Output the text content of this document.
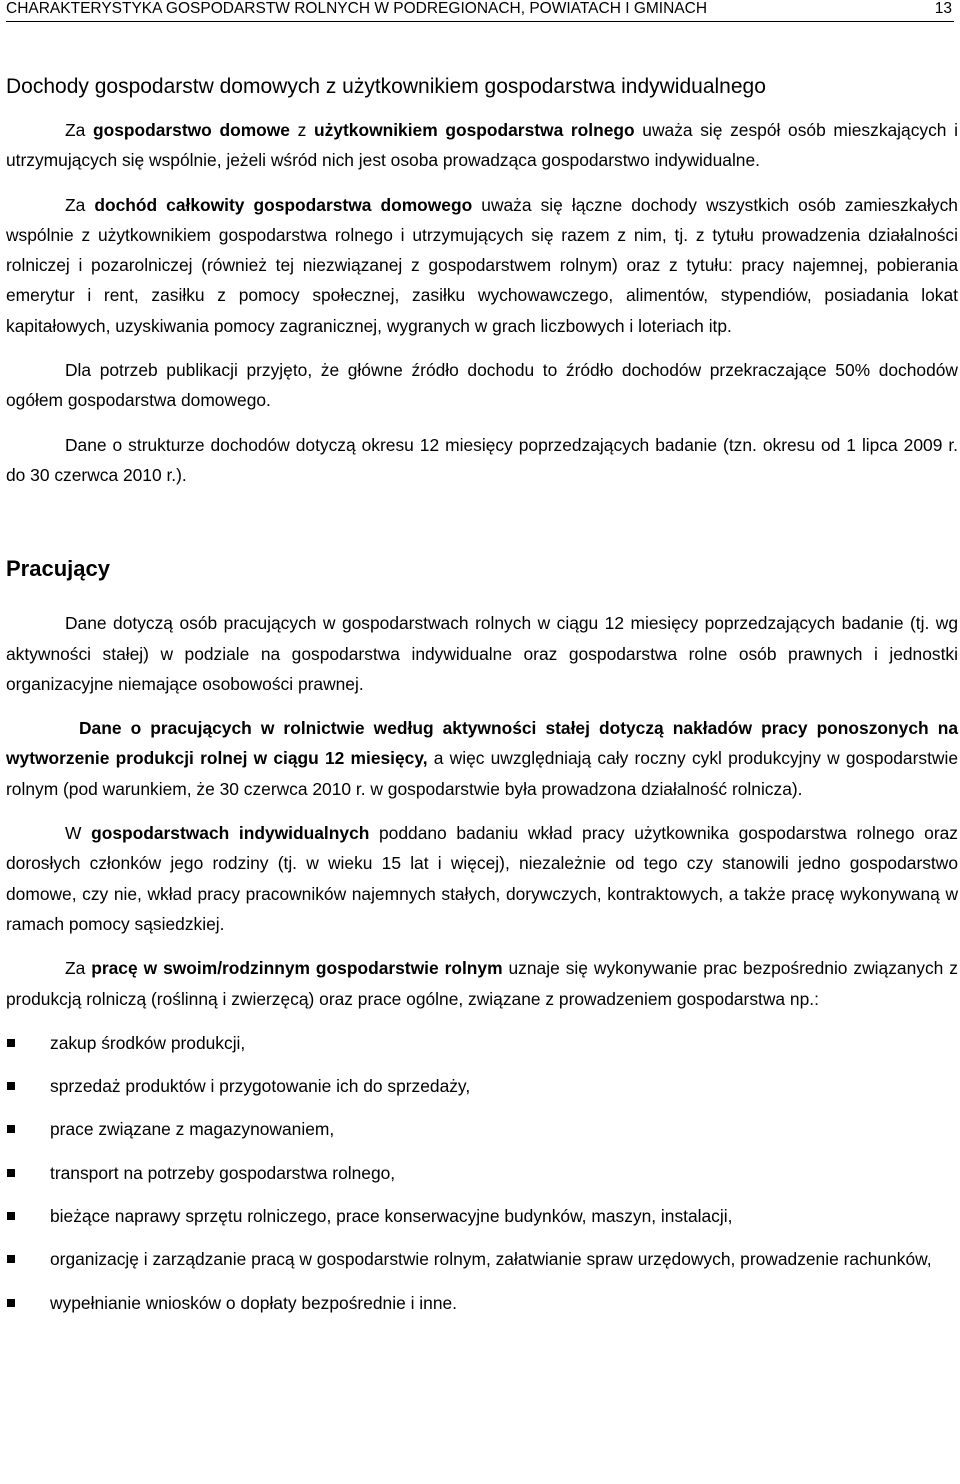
CHARAKTERYSTYKA GOSPODARSTW ROLNYCH W PODREGIONACH, POWIATACH I GMINACH	13
Dochody gospodarstw domowych z użytkownikiem gospodarstwa indywidualnego

Za gospodarstwo domowe z użytkownikiem gospodarstwa rolnego uważa się zespół osób mieszkających i utrzymujących się wspólnie, jeżeli wśród nich jest osoba prowadząca gospodarstwo indywidualne.

Za dochód całkowity gospodarstwa domowego uważa się łączne dochody wszystkich osób zamieszkałych wspólnie z użytkownikiem gospodarstwa rolnego i utrzymujących się razem z nim, tj. z tytułu prowadzenia działalności rolniczej i pozarolniczej (również tej niezwiązanej z gospodarstwem rolnym) oraz z tytułu: pracy najemnej, pobierania emerytur i rent, zasiłku z pomocy społecznej, zasiłku wychowawczego, alimentów, stypendiów, posiadania lokat kapitałowych, uzyskiwania pomocy zagranicznej, wygranych w grach liczbowych i loteriach itp.

Dla potrzeb publikacji przyjęto, że główne źródło dochodu to źródło dochodów przekraczające 50% dochodów ogółem gospodarstwa domowego.

Dane o strukturze dochodów dotyczą okresu 12 miesięcy poprzedzających badanie (tzn. okresu od 1 lipca 2009 r. do 30 czerwca 2010 r.).

Pracujący

Dane dotyczą osób pracujących w gospodarstwach rolnych w ciągu 12 miesięcy poprzedzających badanie (tj. wg aktywności stałej) w podziale na gospodarstwa indywidualne oraz gospodarstwa rolne osób prawnych i jednostki organizacyjne niemające osobowości prawnej.

Dane o pracujących w rolnictwie według aktywności stałej dotyczą nakładów pracy ponoszonych na wytworzenie produkcji rolnej w ciągu 12 miesięcy, a więc uwzględniają cały roczny cykl produkcyjny w gospodarstwie rolnym (pod warunkiem, że 30 czerwca 2010 r. w gospodarstwie była prowadzona działalność rolnicza).

W gospodarstwach indywidualnych poddano badaniu wkład pracy użytkownika gospodarstwa rolnego oraz dorosłych członków jego rodziny (tj. w wieku 15 lat i więcej), niezależnie od tego czy stanowili jedno gospodarstwo domowe, czy nie, wkład pracy pracowników najemnych stałych, dorywczych, kontraktowych, a także pracę wykonywaną w ramach pomocy sąsiedzkiej.

Za pracę w swoim/rodzinnym gospodarstwie rolnym uznaje się wykonywanie prac bezpośrednio związanych z produkcją rolniczą (roślinną i zwierzęcą) oraz prace ogólne, związane z prowadzeniem gospodarstwa np.:

zakup środków produkcji,
sprzedaż produktów i przygotowanie ich do sprzedaży,
prace związane z magazynowaniem,
transport na potrzeby gospodarstwa rolnego,
bieżące naprawy sprzętu rolniczego, prace konserwacyjne budynków, maszyn, instalacji,
organizację i zarządzanie pracą w gospodarstwie rolnym, załatwianie spraw urzędowych, prowadzenie rachunków,
wypełnianie wniosków o dopłaty bezpośrednie i inne.
